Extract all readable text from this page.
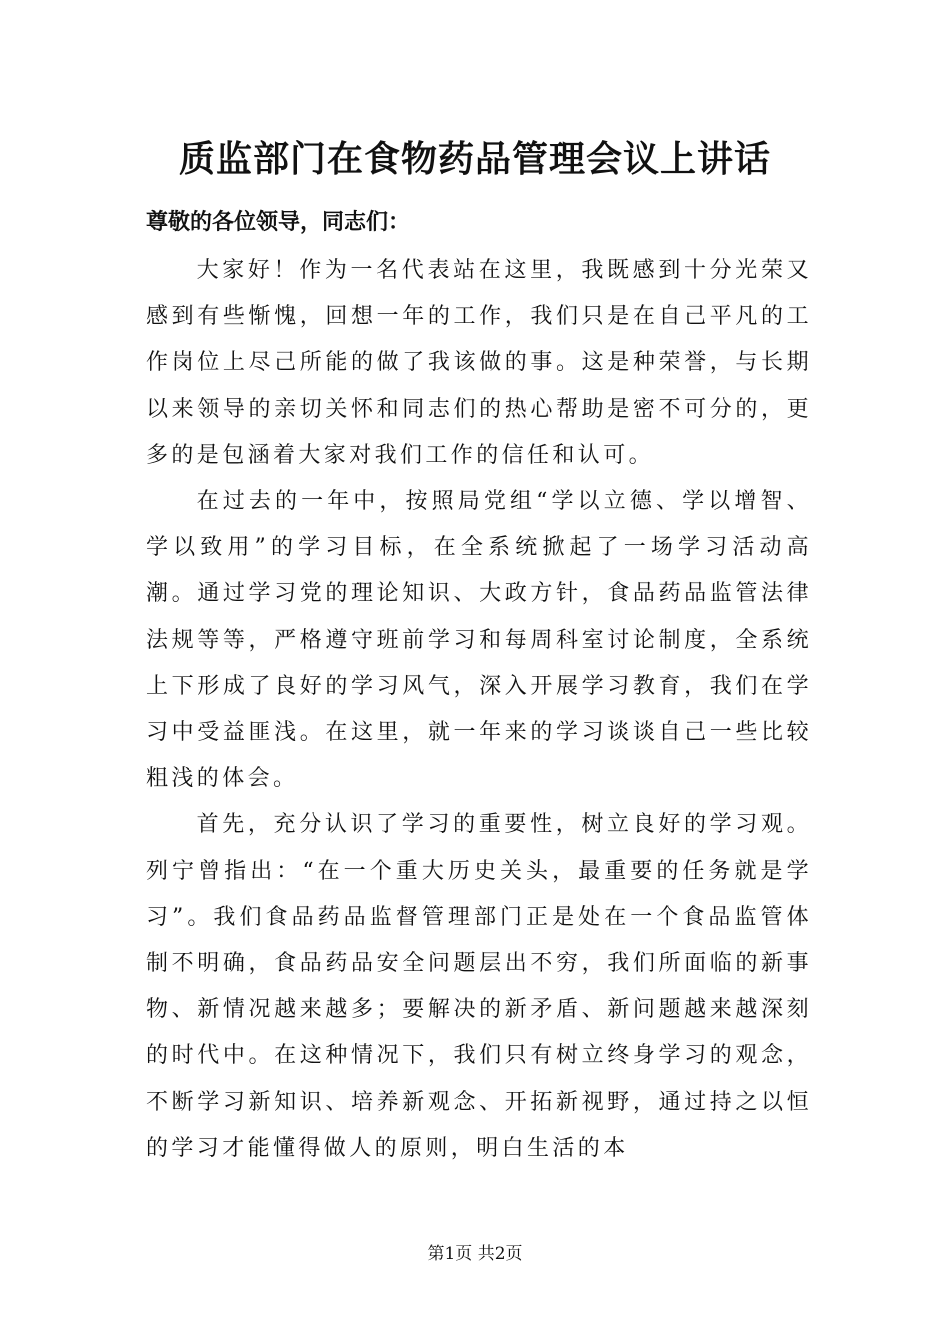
质监部门在食物药品管理会议上讲话
尊敬的各位领导，同志们：

大家好！作为一名代表站在这里，我既感到十分光荣又感到有些惭愧，回想一年的工作，我们只是在自己平凡的工作岗位上尽己所能的做了我该做的事。这是种荣誉，与长期以来领导的亲切关怀和同志们的热心帮助是密不可分的，更多的是包涵着大家对我们工作的信任和认可。

在过去的一年中，按照局党组“学以立德、学以增智、学以致用”的学习目标，在全系统掀起了一场学习活动高潮。通过学习党的理论知识、大政方针，食品药品监管法律法规等等，严格遵守班前学习和每周科室讨论制度，全系统上下形成了良好的学习风气，深入开展学习教育，我们在学习中受益匪浅。在这里，就一年来的学习谈谈自己一些比较粗浅的体会。

首先，充分认识了学习的重要性，树立良好的学习观。列宁曾指出：“在一个重大历史关头，最重要的任务就是学习”。我们食品药品监督管理部门正是处在一个食品监管体制不明确，食品药品安全问题层出不穷，我们所面临的新事物、新情况越来越多；要解决的新矛盾、新问题越来越深刻的时代中。在这种情况下，我们只有树立终身学习的观念，不断学习新知识、培养新观念、开拓新视野，通过持之以恒的学习才能懂得做人的原则，明白生活的本

第1页 共2页
